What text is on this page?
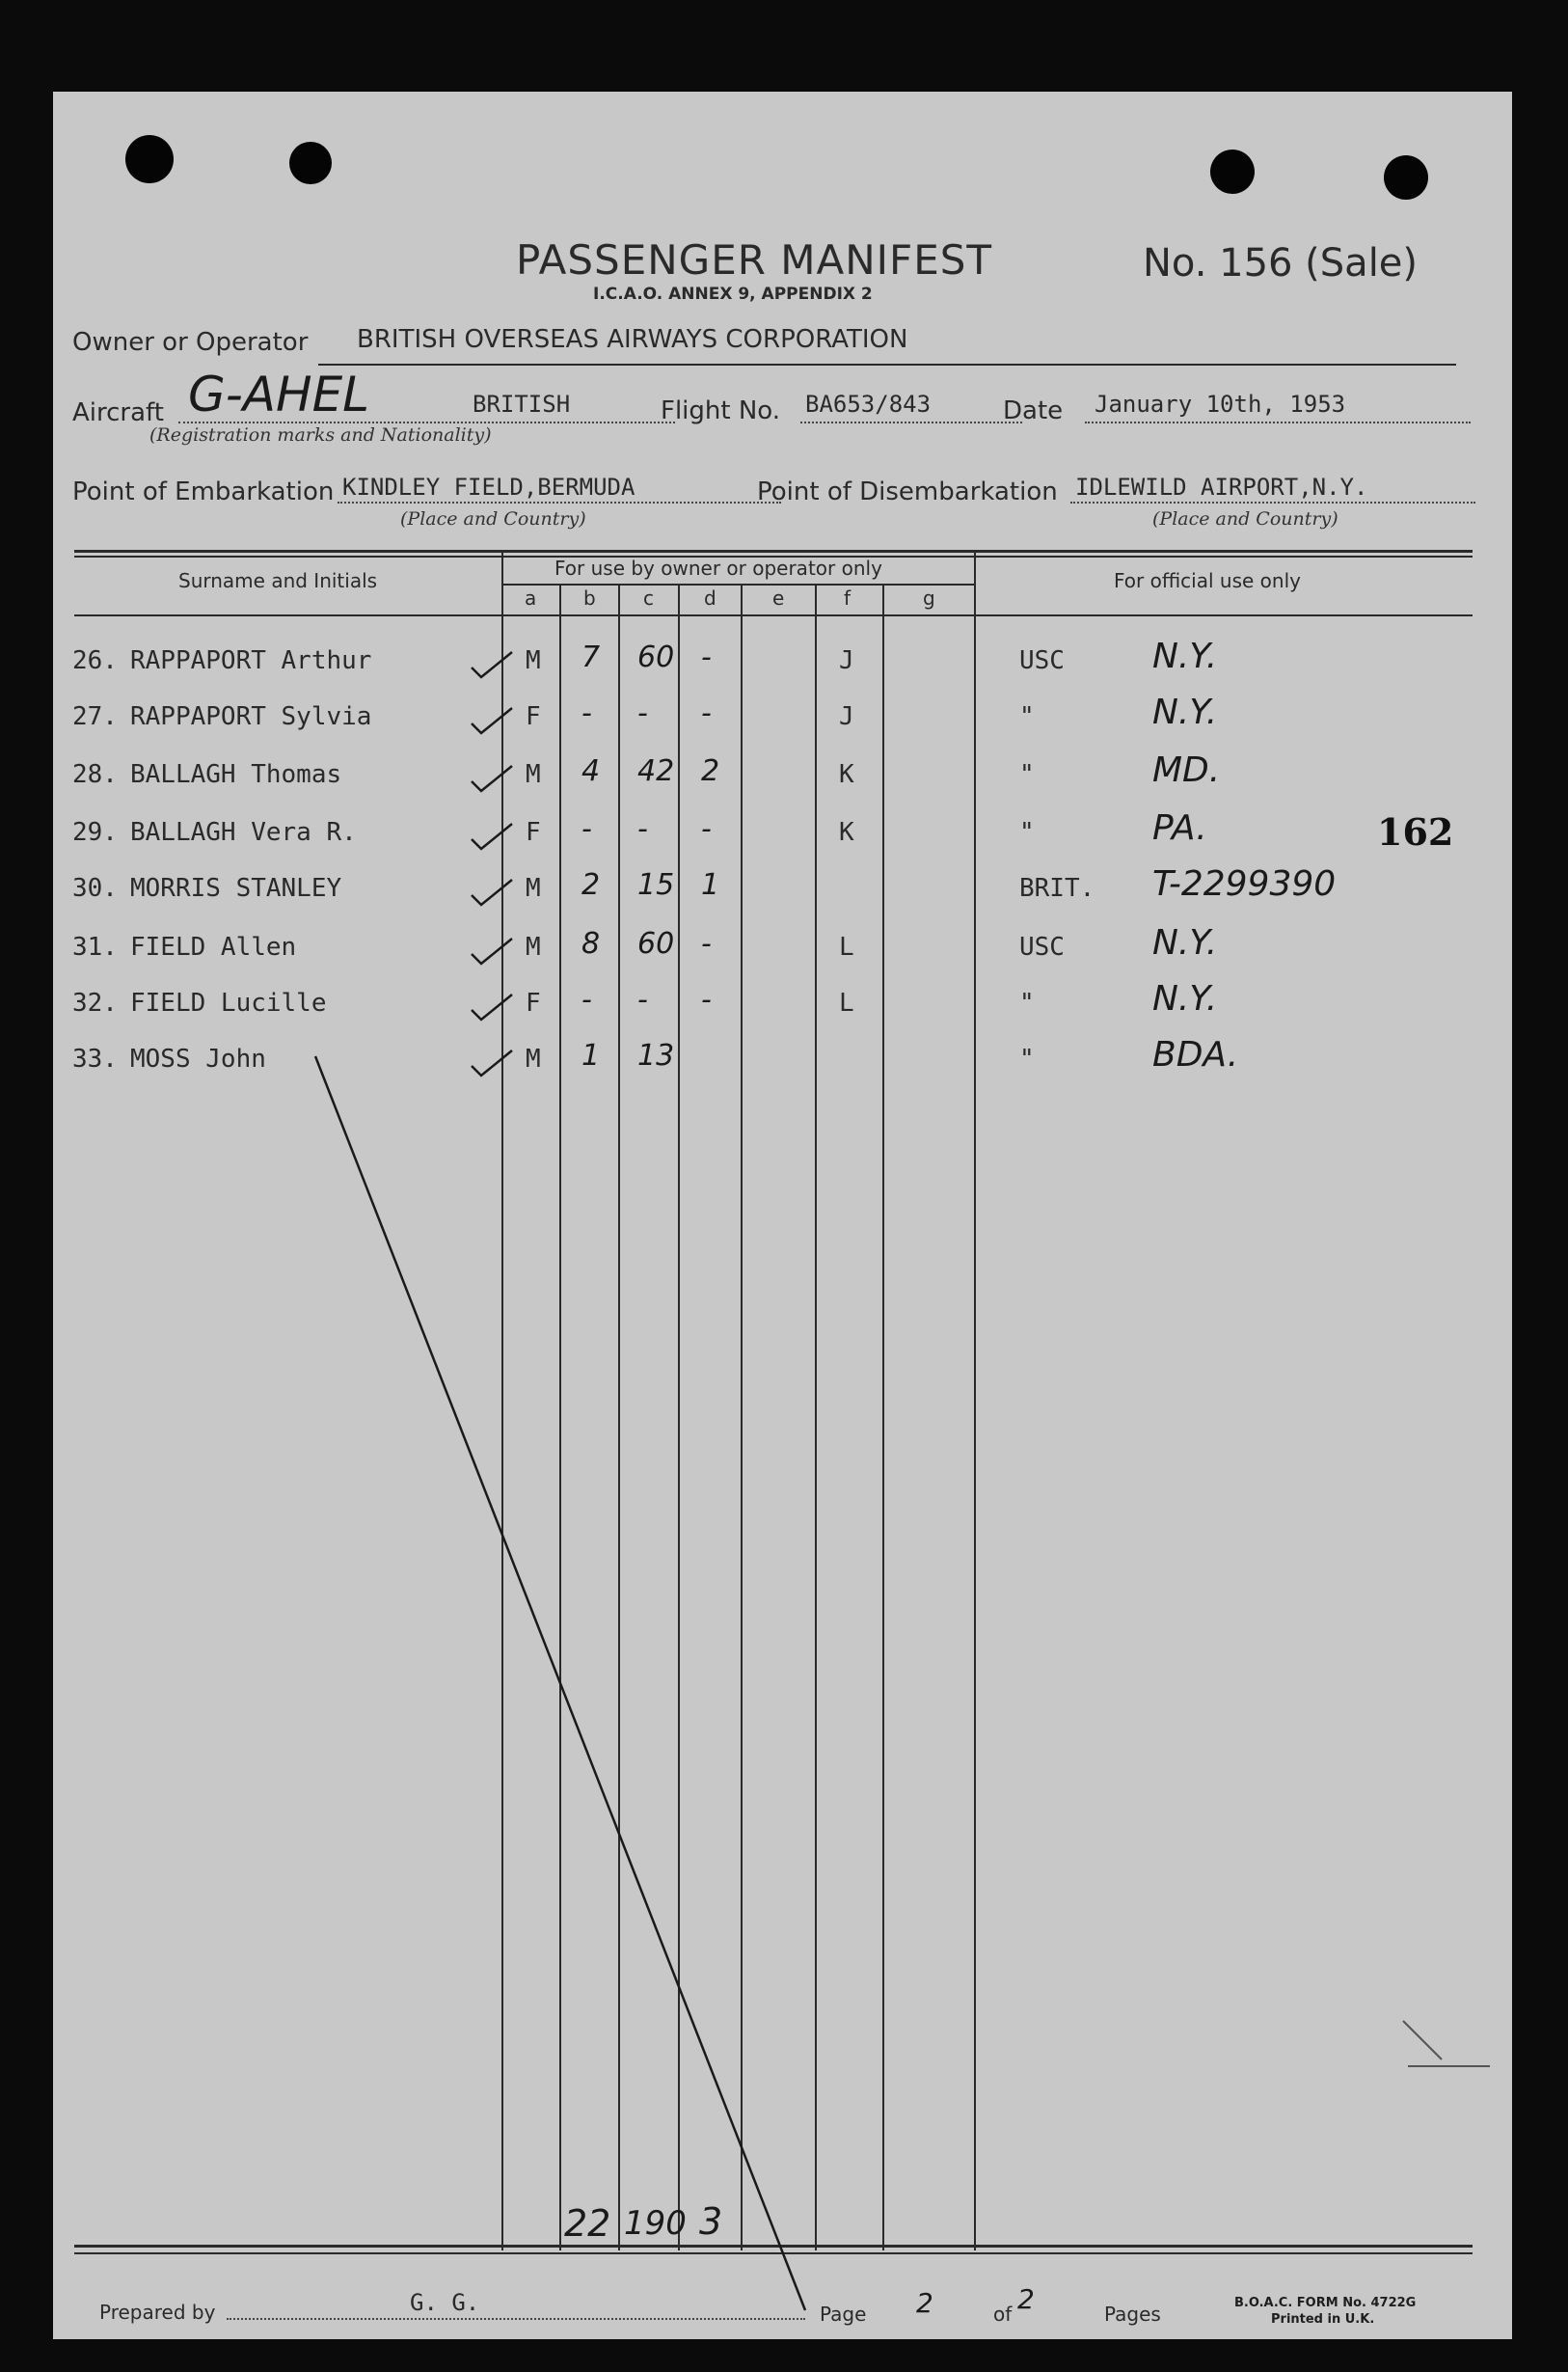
PASSENGER MANIFEST
I.C.A.O. ANNEX 9, APPENDIX 2
No. 156 (Sale)
Owner or Operator BRITISH OVERSEAS AIRWAYS CORPORATION
Aircraft G-AHEL	BRITISH
(Registration marks and Nationality)
Flight No. BA653/843	Date January 10th, 1953
Point of Embarkation KINDLEY FIELD,BERMUDA
(Place and Country)
Point of Disembarkation IDLEWILD AIRPORT,N.Y.
(Place and Country)
Surname and Initials
For use by owner or operator only
For official use only
a b c	d	e	f	g
26. RAPPAPORT Arthur	M 7 60 -	J	USC	N.Y.
27. RAPPAPORT Sylvia	F - - -	J	"	N.Y.
28. BALLAGH Thomas	M 4 42 2	K	"	MD.
29. BALLAGH Vera R.	F - - -	K	"	PA.
30. MORRIS STANLEY	M 2 15 1	BRIT. T-2299390
31. FIELD Allen	M 8 60 -	L	USC	N.Y.
32. FIELD Lucille	F - - -	L	"	N.Y.
33. MOSS John	M 1 13	"	BDA.
162
22 190 3
Prepared by	G. G.	Page 2	of 2	Pages	B.O.A.C. FORM No. 4722G
Printed in U.K.
